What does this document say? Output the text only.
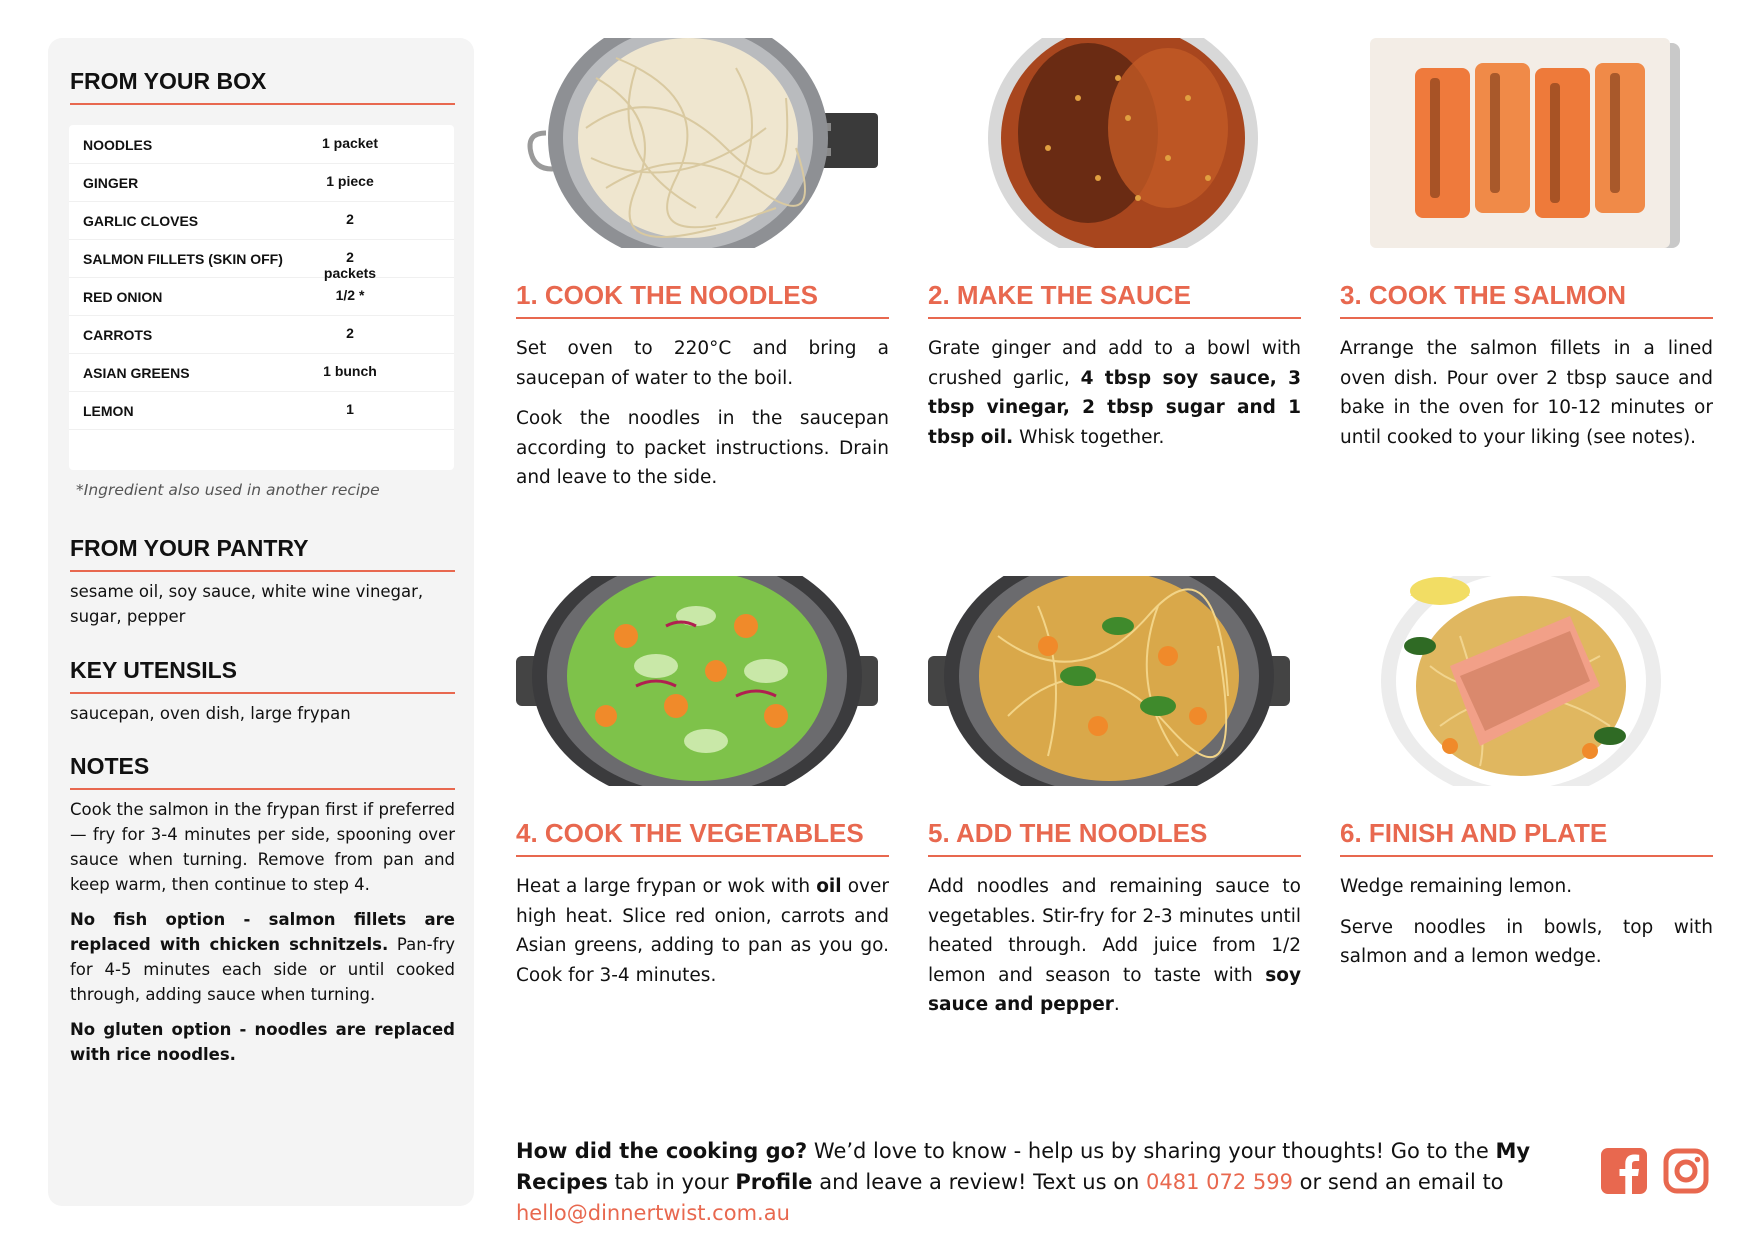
FROM YOUR BOX
NOODLES	1 packet
GINGER	1 piece
GARLIC CLOVES	2
SALMON FILLETS (SKIN OFF)	2 packets
RED ONION	1/2 *
CARROTS	2
ASIAN GREENS	1 bunch
LEMON	1
*Ingredient also used in another recipe
FROM YOUR PANTRY

sesame oil, soy sauce, white wine vinegar, sugar, pepper

KEY UTENSILS

saucepan, oven dish, large frypan

NOTES

Cook the salmon in the frypan first if preferred — fry for 3-4 minutes per side, spooning over sauce when turning. Remove from pan and keep warm, then continue to step 4.

No fish option - salmon fillets are replaced with chicken schnitzels. Pan-fry for 4-5 minutes each side or until cooked through, adding sauce when turning.

No gluten option - noodles are replaced with rice noodles.

1. COOK THE NOODLES

Set oven to 220°C and bring a saucepan of water to the boil.

Cook the noodles in the saucepan according to packet instructions. Drain and leave to the side.

2. MAKE THE SAUCE

Grate ginger and add to a bowl with crushed garlic, 4 tbsp soy sauce, 3 tbsp vinegar, 2 tbsp sugar and 1 tbsp oil. Whisk together.

3. COOK THE SALMON

Arrange the salmon fillets in a lined oven dish. Pour over 2 tbsp sauce and bake in the oven for 10-12 minutes or until cooked to your liking (see notes).

4. COOK THE VEGETABLES

Heat a large frypan or wok with oil over high heat. Slice red onion, carrots and Asian greens, adding to pan as you go. Cook for 3-4 minutes.

5. ADD THE NOODLES

Add noodles and remaining sauce to vegetables. Stir-fry for 2-3 minutes until heated through. Add juice from 1/2 lemon and season to taste with soy sauce and pepper.

6. FINISH AND PLATE

Wedge remaining lemon.

Serve noodles in bowls, top with salmon and a lemon wedge.

How did the cooking go? We’d love to know - help us by sharing your thoughts! Go to the My Recipes tab in your Profile and leave a review! Text us on 0481 072 599 or send an email to hello@dinnertwist.com.au
